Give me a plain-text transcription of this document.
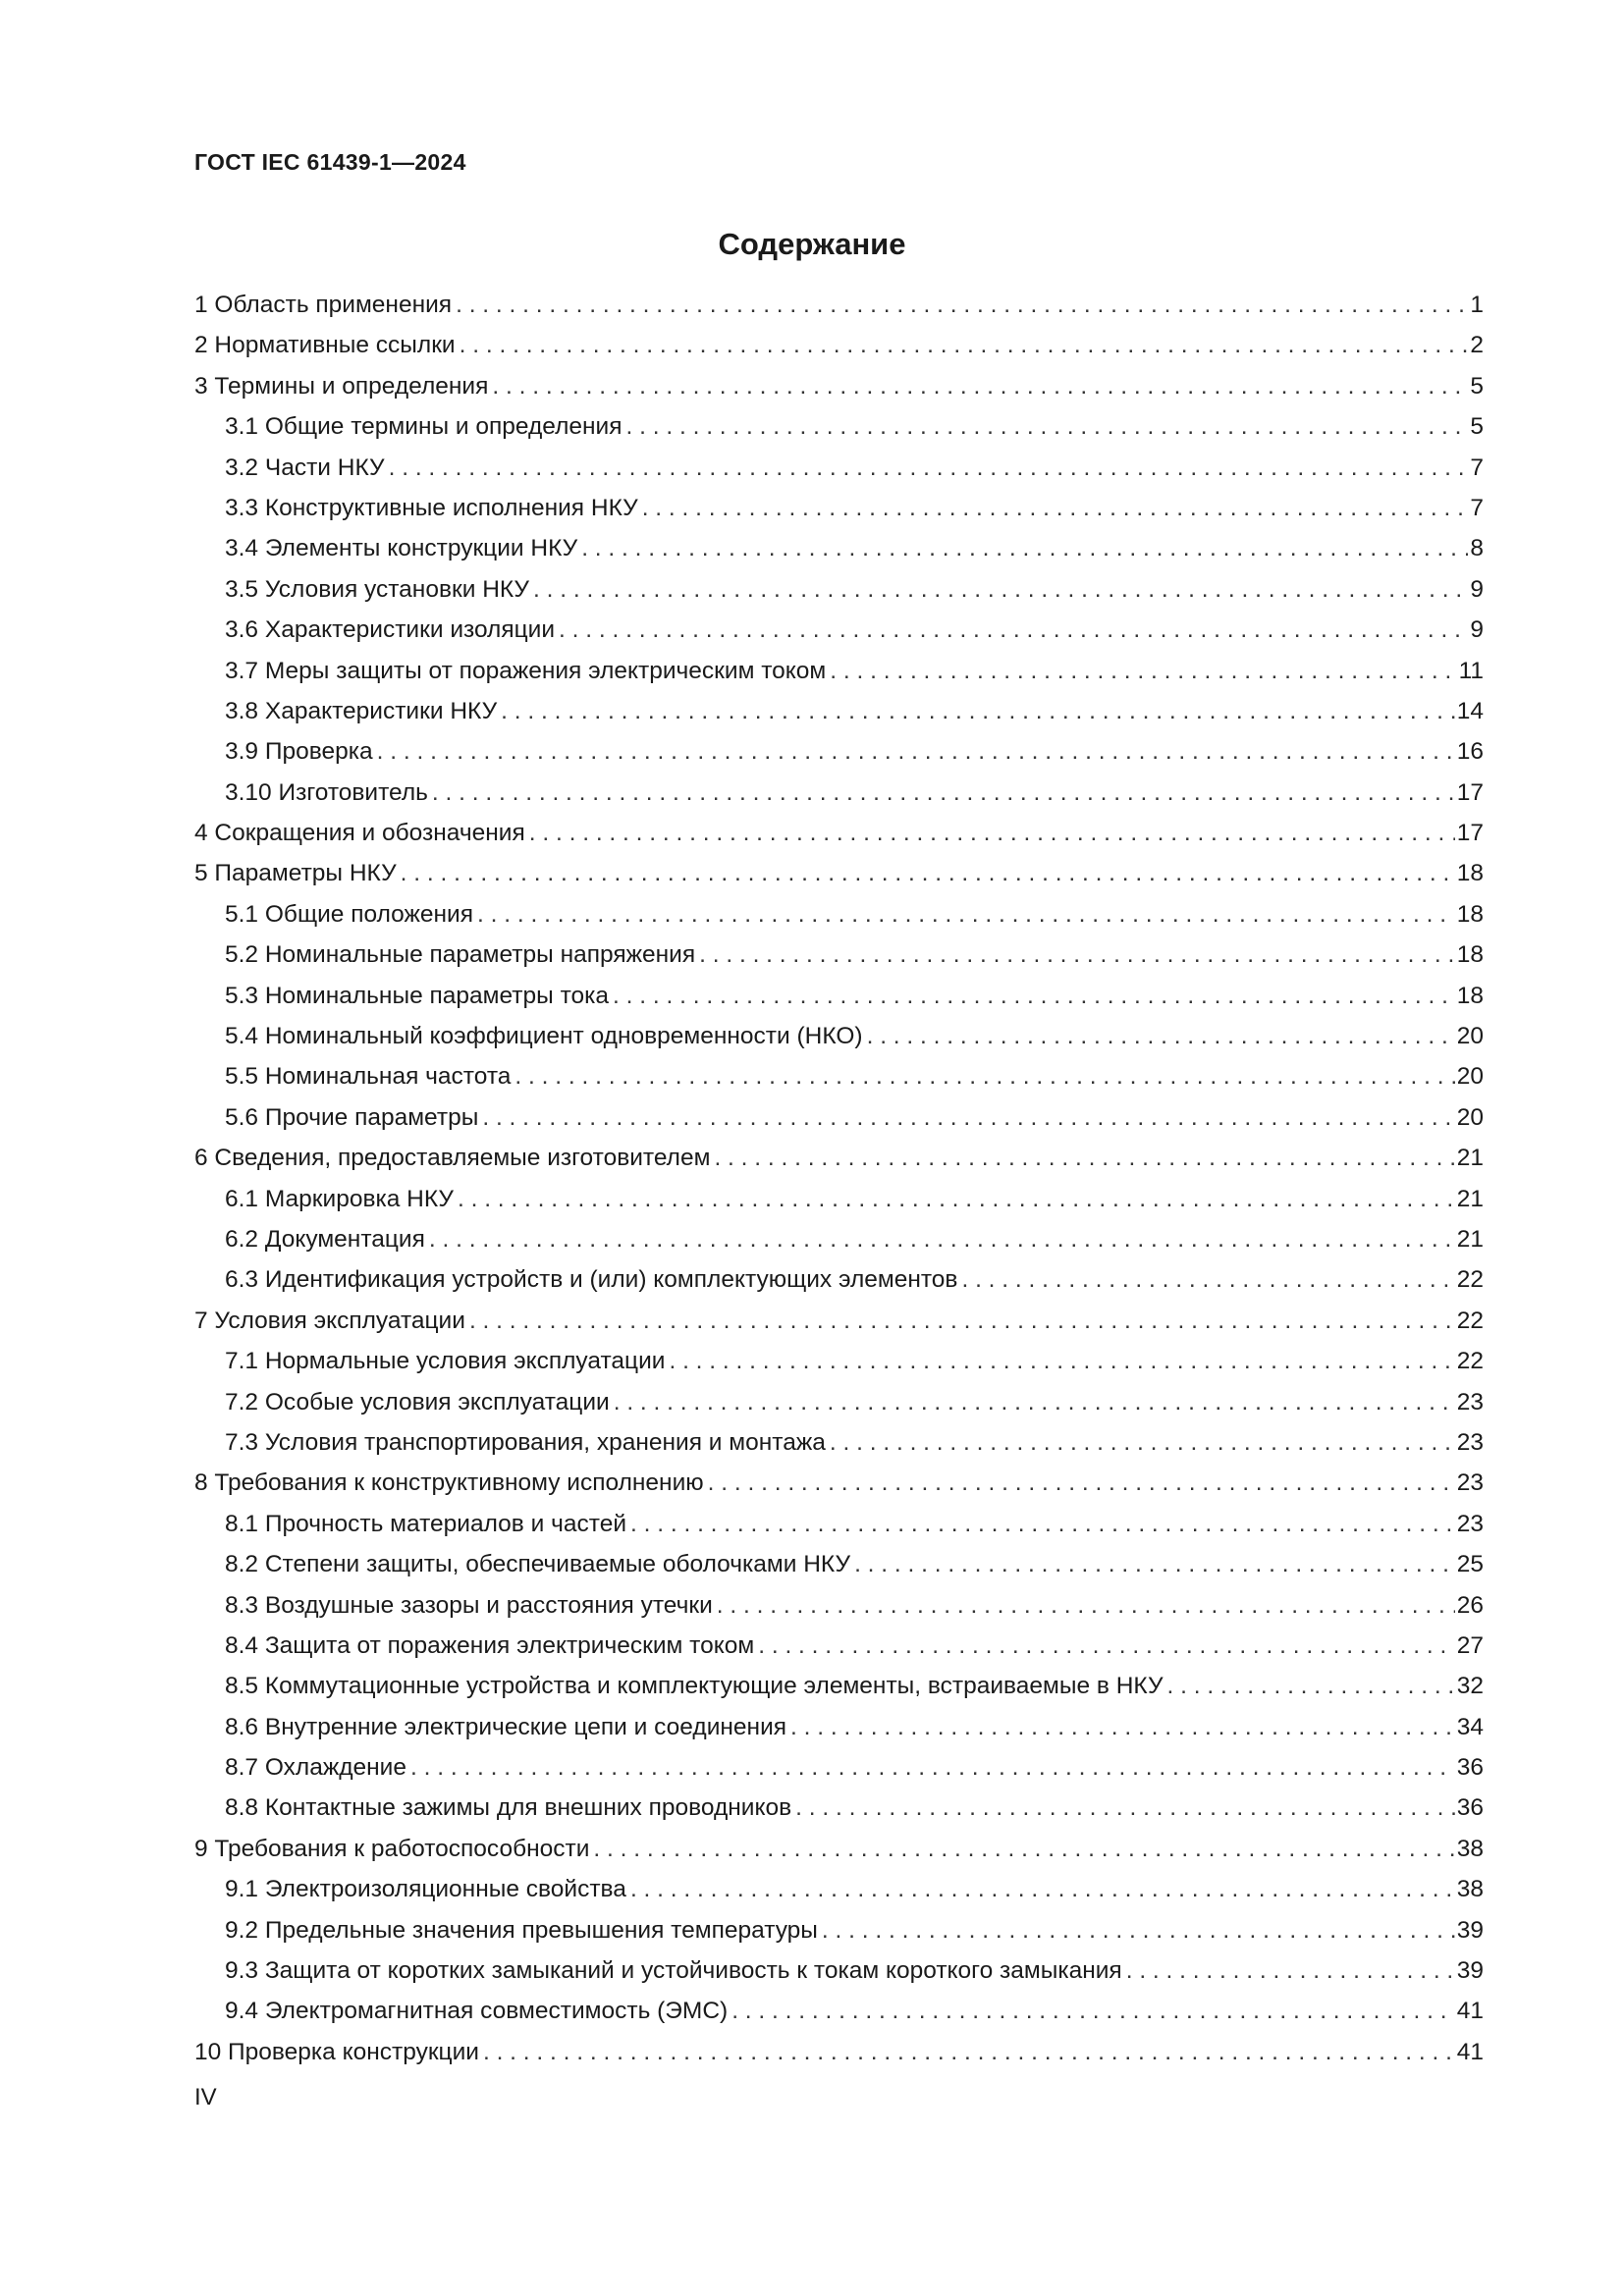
ГОСТ IEC 61439-1—2024
Содержание
1 Область применения . . .	1
2 Нормативные ссылки . . .	2
3 Термины и определения . . .	5
3.1 Общие термины и определения . . .	5
3.2 Части НКУ . . .	7
3.3 Конструктивные исполнения НКУ . . .	7
3.4 Элементы конструкции НКУ . . .	8
3.5 Условия установки НКУ . . .	9
3.6 Характеристики изоляции . . .	9
3.7 Меры защиты от поражения электрическим током . . .	11
3.8 Характеристики НКУ . . .	14
3.9 Проверка . . .	16
3.10 Изготовитель . . .	17
4 Сокращения и обозначения . . .	17
5 Параметры НКУ . . .	18
5.1 Общие положения . . .	18
5.2 Номинальные параметры напряжения . . .	18
5.3 Номинальные параметры тока . . .	18
5.4 Номинальный коэффициент одновременности (НКО) . . .	20
5.5 Номинальная частота . . .	20
5.6 Прочие параметры . . .	20
6 Сведения, предоставляемые изготовителем . . .	21
6.1 Маркировка НКУ . . .	21
6.2 Документация . . .	21
6.3 Идентификация устройств и (или) комплектующих элементов . . .	22
7 Условия эксплуатации . . .	22
7.1 Нормальные условия эксплуатации . . .	22
7.2 Особые условия эксплуатации . . .	23
7.3 Условия транспортирования, хранения и монтажа . . .	23
8 Требования к конструктивному исполнению . . .	23
8.1 Прочность материалов и частей . . .	23
8.2 Степени защиты, обеспечиваемые оболочками НКУ . . .	25
8.3 Воздушные зазоры и расстояния утечки . . .	26
8.4 Защита от поражения электрическим током . . .	27
8.5 Коммутационные устройства и комплектующие элементы, встраиваемые в НКУ . . .	32
8.6 Внутренние электрические цепи и соединения . . .	34
8.7 Охлаждение . . .	36
8.8 Контактные зажимы для внешних проводников . . .	36
9 Требования к работоспособности . . .	38
9.1 Электроизоляционные свойства . . .	38
9.2 Предельные значения превышения температуры . . .	39
9.3 Защита от коротких замыканий и устойчивость к токам короткого замыкания . . .	39
9.4 Электромагнитная совместимость (ЭМС) . . .	41
10 Проверка конструкции . . .	41
IV
